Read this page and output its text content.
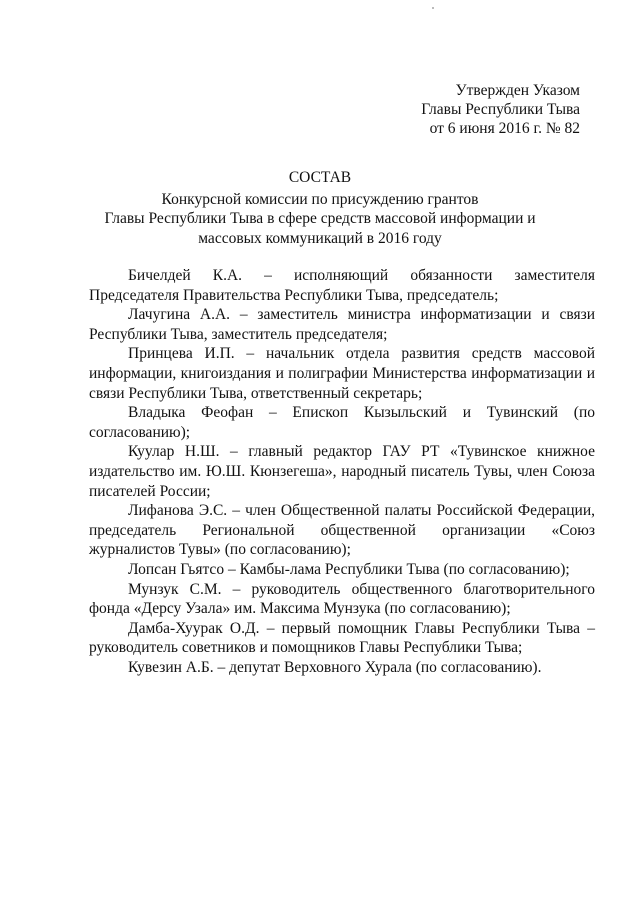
Утвержден Указом
Главы Республики Тыва
от 6 июня 2016 г. № 82
СОСТАВ
Конкурсной комиссии по присуждению грантов
Главы Республики Тыва в сфере средств массовой информации и
массовых коммуникаций в 2016 году

Бичелдей К.А. – исполняющий обязанности заместителя Председателя Правительства Республики Тыва, председатель;

Лачугина А.А. – заместитель министра информатизации и связи Республики Тыва, заместитель председателя;

Принцева И.П. – начальник отдела развития средств массовой информации, книгоиздания и полиграфии Министерства информатизации и связи Республики Тыва, ответственный секретарь;

Владыка Феофан – Епископ Кызыльский и Тувинский (по согласованию);

Куулар Н.Ш. – главный редактор ГАУ РТ «Тувинское книжное издательство им. Ю.Ш. Кюнзегеша», народный писатель Тувы, член Союза писателей России;

Лифанова Э.С. – член Общественной палаты Российской Федерации, председатель Региональной общественной организации «Союз журналистов Тувы» (по согласованию);

Лопсан Гьятсо – Камбы-лама Республики Тыва (по согласованию);

Мунзук С.М. – руководитель общественного благотворительного фонда «Дерсу Узала» им. Максима Мунзука (по согласованию);

Дамба-Хуурак О.Д. – первый помощник Главы Республики Тыва – руководитель советников и помощников Главы Республики Тыва;

Кувезин А.Б. – депутат Верховного Хурала (по согласованию).
